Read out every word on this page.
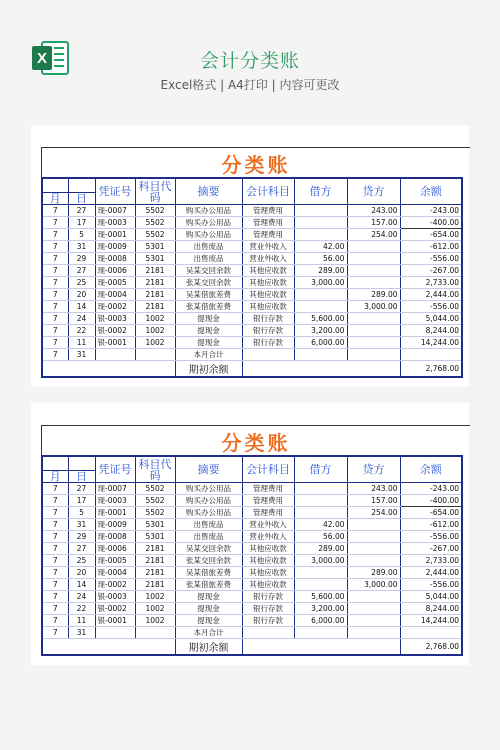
X	会计分类账
Excel格式 | A4打印 | 内容可更改
分类账
		凭证号	科目代码	摘要	会计科目	借方	贷方	余额
月	日							
7	27	现-0007	5502	购买办公用品	管理费用		243.00	-243.00
7	17	现-0003	5502	购买办公用品	管理费用		157.00	-400.00
7	5	现-0001	5502	购买办公用品	管理费用		254.00	-654.00
7	31	现-0009	5301	出售废品	营业外收入	42.00		-612.00
7	29	现-0008	5301	出售废品	营业外收入	56.00		-556.00
7	27	现-0006	2181	吴某交回余款	其他应收款	289.00		-267.00
7	25	现-0005	2181	张某交回余款	其他应收款	3,000.00		2,733.00
7	20	现-0004	2181	吴某借旅差费	其他应收款		289.00	2,444.00
7	14	现-0002	2181	张某借旅差费	其他应收款		3,000.00	-556.00
7	24	银-0003	1002	提现金	银行存款	5,600.00		5,044.00
7	22	银-0002	1002	提现金	银行存款	3,200.00		8,244.00
7	11	银-0001	1002	提现金	银行存款	6,000.00		14,244.00
7	31			本月合计				
				期初余额				2,768.00
分类账
		凭证号	科目代码	摘要	会计科目	借方	贷方	余额
月	日							
7	27	现-0007	5502	购买办公用品	管理费用		243.00	-243.00
7	17	现-0003	5502	购买办公用品	管理费用		157.00	-400.00
7	5	现-0001	5502	购买办公用品	管理费用		254.00	-654.00
7	31	现-0009	5301	出售废品	营业外收入	42.00		-612.00
7	29	现-0008	5301	出售废品	营业外收入	56.00		-556.00
7	27	现-0006	2181	吴某交回余款	其他应收款	289.00		-267.00
7	25	现-0005	2181	张某交回余款	其他应收款	3,000.00		2,733.00
7	20	现-0004	2181	吴某借旅差费	其他应收款		289.00	2,444.00
7	14	现-0002	2181	张某借旅差费	其他应收款		3,000.00	-556.00
7	24	银-0003	1002	提现金	银行存款	5,600.00		5,044.00
7	22	银-0002	1002	提现金	银行存款	3,200.00		8,244.00
7	11	银-0001	1002	提现金	银行存款	6,000.00		14,244.00
7	31			本月合计				
				期初余额				2,768.00
